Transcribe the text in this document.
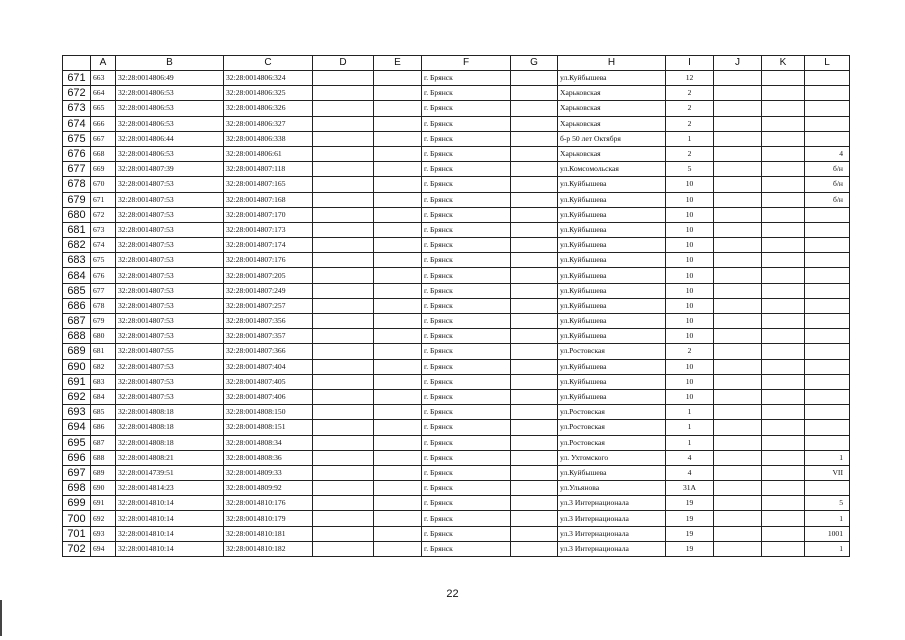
	A	B	C	D	E	F	G	H	I	J	K	L
671	663	32:28:0014806:49	32:28:0014806:324			г. Брянск		ул.Куйбышева	12			
672	664	32:28:0014806:53	32:28:0014806:325			г. Брянск		Харьковская	2			
673	665	32:28:0014806:53	32:28:0014806:326			г. Брянск		Харьковская	2			
674	666	32:28:0014806:53	32:28:0014806:327			г. Брянск		Харьковская	2			
675	667	32:28:0014806:44	32:28:0014806:338			г. Брянск		б-р 50 лет Октября	1			
676	668	32:28:0014806:53	32:28:0014806:61			г. Брянск		Харьковская	2			4
677	669	32:28:0014807:39	32:28:0014807:118			г. Брянск		ул.Комсомольская	5			б/н
678	670	32:28:0014807:53	32:28:0014807:165			г. Брянск		ул.Куйбышева	10			б/н
679	671	32:28:0014807:53	32:28:0014807:168			г. Брянск		ул.Куйбышева	10			б/н
680	672	32:28:0014807:53	32:28:0014807:170			г. Брянск		ул.Куйбышева	10			
681	673	32:28:0014807:53	32:28:0014807:173			г. Брянск		ул.Куйбышева	10			
682	674	32:28:0014807:53	32:28:0014807:174			г. Брянск		ул.Куйбышева	10			
683	675	32:28:0014807:53	32:28:0014807:176			г. Брянск		ул.Куйбышева	10			
684	676	32:28:0014807:53	32:28:0014807:205			г. Брянск		ул.Куйбышева	10			
685	677	32:28:0014807:53	32:28:0014807:249			г. Брянск		ул.Куйбышева	10			
686	678	32:28:0014807:53	32:28:0014807:257			г. Брянск		ул.Куйбышева	10			
687	679	32:28:0014807:53	32:28:0014807:356			г. Брянск		ул.Куйбышева	10			
688	680	32:28:0014807:53	32:28:0014807:357			г. Брянск		ул.Куйбышева	10			
689	681	32:28:0014807:55	32:28:0014807:366			г. Брянск		ул.Ростовская	2			
690	682	32:28:0014807:53	32:28:0014807:404			г. Брянск		ул.Куйбышева	10			
691	683	32:28:0014807:53	32:28:0014807:405			г. Брянск		ул.Куйбышева	10			
692	684	32:28:0014807:53	32:28:0014807:406			г. Брянск		ул.Куйбышева	10			
693	685	32:28:0014808:18	32:28:0014808:150			г. Брянск		ул.Ростовская	1			
694	686	32:28:0014808:18	32:28:0014808:151			г. Брянск		ул.Ростовская	1			
695	687	32:28:0014808:18	32:28:0014808:34			г. Брянск		ул.Ростовская	1			
696	688	32:28:0014808:21	32:28:0014808:36			г. Брянск		ул. Ухтомского	4			1
697	689	32:28:0014739:51	32:28:0014809:33			г. Брянск		ул.Куйбышева	4			VII
698	690	32:28:0014814:23	32:28:0014809:92			г. Брянск		ул.Ульянова	31А			
699	691	32:28:0014810:14	32:28:0014810:176			г. Брянск		ул.3 Интернационала	19			5
700	692	32:28:0014810:14	32:28:0014810:179			г. Брянск		ул.3 Интернационала	19			1
701	693	32:28:0014810:14	32:28:0014810:181			г. Брянск		ул.3 Интернационала	19			1001
702	694	32:28:0014810:14	32:28:0014810:182			г. Брянск		ул.3 Интернационала	19			1
22
